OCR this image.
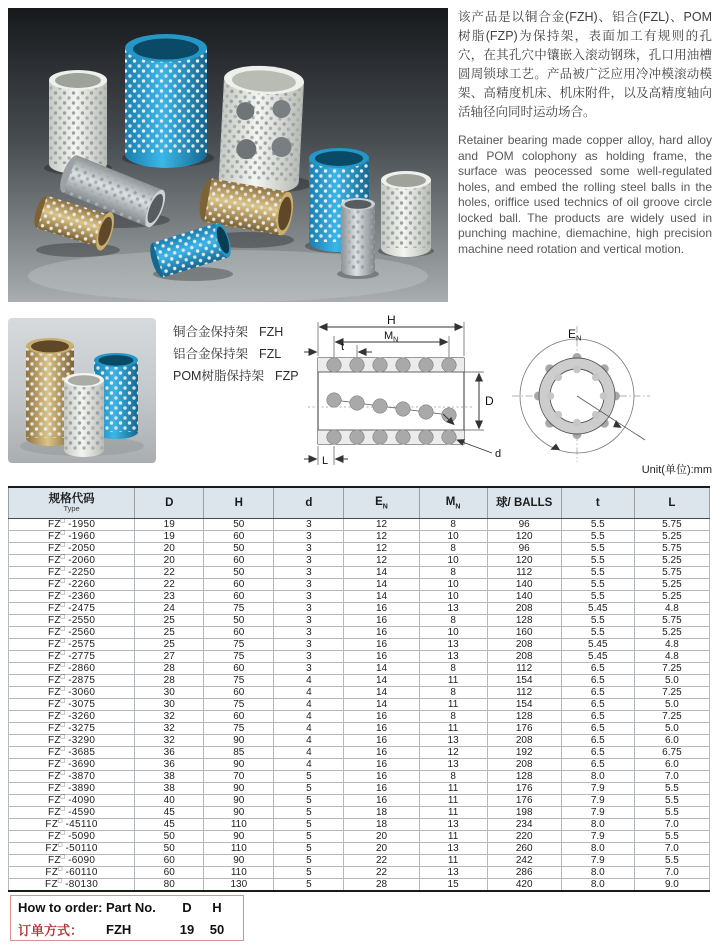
该产品是以铜合金(FZH)、铝合(FZL)、POM树脂(FZP)为保持架，表面加工有规则的孔穴，在其孔穴中镶嵌入滚动钢珠，孔口用油槽圆周锁球工艺。产品被广泛应用冷冲模滚动模架、高精度机床、机床附件，以及高精度轴向活轴径向同时运动场合。

Retainer bearing made copper alloy, hard alloy and POM colophony as holding frame, the surface was peocessed some well-regulated holes, and embed the rolling steel balls in the holes, oriffice used technics of oil groove circle locked ball. The products are widely used in punching machine, diemachine, high precision machine need rotation and vertical motion.

铜合金保持架 FZH
铝合金保持架 FZL
POM树脂保持架 FZP
H
$M_N$
t
D
d
L
$E_N$
Unit(单位):mm
规格代码
Type	D	H	d	$E_N$	$M_N$	球/ BALLS	t	L
FZ□ -1950	19	50	3	12	8	96	5.5	5.75
FZ□ -1960	19	60	3	12	10	120	5.5	5.25
FZ□ -2050	20	50	3	12	8	96	5.5	5.75
FZ□ -2060	20	60	3	12	10	120	5.5	5.25
FZ□ -2250	22	50	3	14	8	112	5.5	5.75
FZ□ -2260	22	60	3	14	10	140	5.5	5.25
FZ□ -2360	23	60	3	14	10	140	5.5	5.25
FZ□ -2475	24	75	3	16	13	208	5.45	4.8
FZ□ -2550	25	50	3	16	8	128	5.5	5.75
FZ□ -2560	25	60	3	16	10	160	5.5	5.25
FZ□ -2575	25	75	3	16	13	208	5.45	4.8
FZ□ -2775	27	75	3	16	13	208	5.45	4.8
FZ□ -2860	28	60	3	14	8	112	6.5	7.25
FZ□ -2875	28	75	4	14	11	154	6.5	5.0
FZ□ -3060	30	60	4	14	8	112	6.5	7.25
FZ□ -3075	30	75	4	14	11	154	6.5	5.0
FZ□ -3260	32	60	4	16	8	128	6.5	7.25
FZ□ -3275	32	75	4	16	11	176	6.5	5.0
FZ□ -3290	32	90	4	16	13	208	6.5	6.0
FZ□ -3685	36	85	4	16	12	192	6.5	6.75
FZ□ -3690	36	90	4	16	13	208	6.5	6.0
FZ□ -3870	38	70	5	16	8	128	8.0	7.0
FZ□ -3890	38	90	5	16	11	176	7.9	5.5
FZ□ -4090	40	90	5	16	11	176	7.9	5.5
FZ□ -4590	45	90	5	18	11	198	7.9	5.5
FZ□ -45110	45	110	5	18	13	234	8.0	7.0
FZ□ -5090	50	90	5	20	11	220	7.9	5.5
FZ□ -50110	50	110	5	20	13	260	8.0	7.0
FZ□ -6090	60	90	5	22	11	242	7.9	5.5
FZ□ -60110	60	110	5	22	13	286	8.0	7.0
FZ□ -80130	80	130	5	28	15	420	8.0	9.0
How to order: Part No.	D	H
订单方式：	FZH	19	50
